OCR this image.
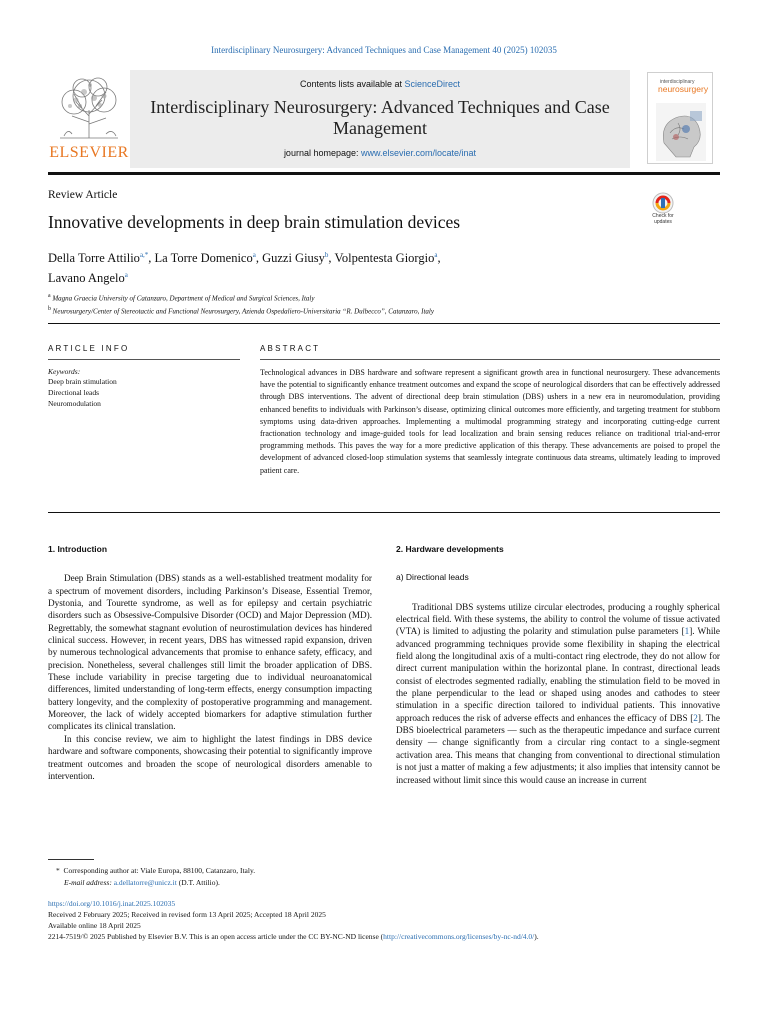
Interdisciplinary Neurosurgery: Advanced Techniques and Case Management 40 (2025) 102035
ELSEVIER
Contents lists available at ScienceDirect
Interdisciplinary Neurosurgery: Advanced Techniques and Case Management
journal homepage: www.elsevier.com/locate/inat
interdisciplinary
neurosurgery
Review Article
Innovative developments in deep brain stimulation devices	Check for updates
Della Torre Attilio$^{a,*}$, La Torre Domenico$^a$, Guzzi Giusy$^b$, Volpentesta Giorgio$^a$,
Lavano Angelo$^a$
$^a$ Magna Graecia University of Catanzaro, Department of Medical and Surgical Sciences, Italy
$^b$ Neurosurgery/Center of Stereotactic and Functional Neurosurgery, Azienda Ospedaliero-Universitaria “R. Dulbecco”, Catanzaro, Italy
ARTICLE INFO
Keywords:
Deep brain stimulation
Directional leads
Neuromodulation
ABSTRACT
Technological advances in DBS hardware and software represent a significant growth area in functional neurosurgery. These advancements have the potential to significantly enhance treatment outcomes and expand the scope of neurological disorders that can be effectively addressed through DBS interventions. The advent of directional deep brain stimulation (DBS) ushers in a new era in neuromodulation, providing enhanced benefits to individuals with Parkinson’s disease, optimizing clinical outcomes more efficiently, and targeting treatment for stubborn symptoms using data-driven approaches. Implementing a multimodal programming strategy and incorporating cutting-edge current fractionation technology and image-guided tools for lead localization and brain sensing reduces reliance on traditional trial-and-error programming methods. This paves the way for a more predictive application of this therapy. These advancements are poised to propel the development of advanced closed-loop stimulation systems that seamlessly integrate continuous data streams, ultimately leading to improved patient care.
1. Introduction

Deep Brain Stimulation (DBS) stands as a well-established treatment modality for a spectrum of movement disorders, including Parkinson’s Disease, Essential Tremor, Dystonia, and Tourette syndrome, as well as for epilepsy and certain psychiatric disorders such as Obsessive-Compulsive Disorder (OCD) and Major Depression (MD). Regrettably, the somewhat stagnant evolution of neurostimulation devices has hindered clinical success. However, in recent years, DBS has witnessed rapid expansion, driven by numerous technological advancements that promise to enhance safety, efficacy, and precision. Nonetheless, several challenges still limit the broader application of DBS. These include variability in precise targeting due to individual neuroanatomical differences, limited understanding of long-term effects, energy consumption impacting battery longevity, and the complexity of postoperative programming and management. Moreover, the lack of widely accepted biomarkers for adaptive stimulation further complicates its clinical translation.

In this concise review, we aim to highlight the latest findings in DBS device hardware and software components, showcasing their potential to significantly improve treatment outcomes and broaden the scope of neurological disorders amenable to intervention.

2. Hardware developments
a) Directional leads

Traditional DBS systems utilize circular electrodes, producing a roughly spherical electrical field. With these systems, the ability to control the volume of tissue activated (VTA) is limited to adjusting the polarity and stimulation pulse parameters [1]. While advanced programming techniques provide some flexibility in shaping the electrical field along the longitudinal axis of a multi-contact ring electrode, they do not allow for direct current manipulation within the horizontal plane. In contrast, directional leads consist of electrodes segmented radially, enabling the stimulation field to be moved in the plane perpendicular to the lead or shaped using anodes and cathodes to steer stimulation in a specific direction tailored to individual patients. This innovative approach reduces the risk of adverse effects and enhances the efficacy of DBS [2]. The DBS bioelectrical parameters — such as the therapeutic impedance and surface current density — change significantly from a circular ring contact to a single-segment activation area. This means that changing from conventional to directional stimulation is not just a matter of making a few adjustments; it also implies that intensity cannot be increased without limit since this would cause an increase in current

* Corresponding author at: Viale Europa, 88100, Catanzaro, Italy.
E-mail address: a.dellatorre@unicz.it (D.T. Attilio).
https://doi.org/10.1016/j.inat.2025.102035
Received 2 February 2025; Received in revised form 13 April 2025; Accepted 18 April 2025
Available online 18 April 2025
2214-7519/© 2025 Published by Elsevier B.V. This is an open access article under the CC BY-NC-ND license (http://creativecommons.org/licenses/by-nc-nd/4.0/).
